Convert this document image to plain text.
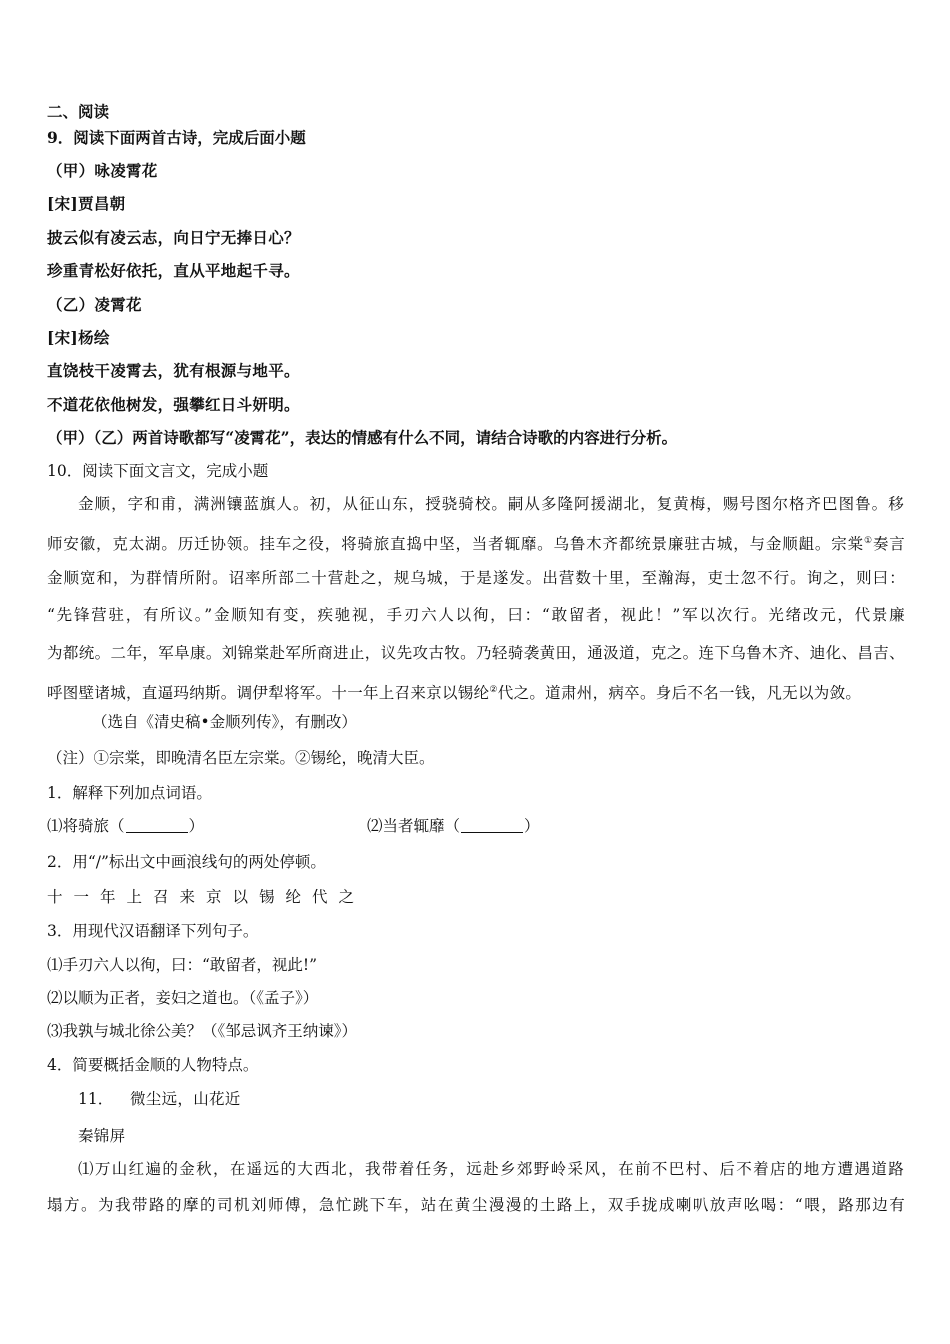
二、阅读
9．阅读下面两首古诗，完成后面小题
（甲）咏凌霄花
[宋]贾昌朝
披云似有凌云志，向日宁无捧日心？
珍重青松好依托，直从平地起千寻。
（乙）凌霄花
[宋]杨绘
直饶枝干凌霄去，犹有根源与地平。
不道花依他树发，强攀红日斗妍明。
（甲）（乙）两首诗歌都写“凌霄花”，表达的情感有什么不同，请结合诗歌的内容进行分析。
10．阅读下面文言文，完成小题
金顺，字和甫，满洲镶蓝旗人。初，从征山东，授骁骑校。嗣从多隆阿援湖北，复黄梅，赐号图尔格齐巴图鲁。移
师安徽，克太湖。历迁协领。挂车之役，将骑旅直捣中坚，当者辄靡。乌鲁木齐都统景廉驻古城，与金顺龃。宗棠①奏言
金顺宽和，为群情所附。诏率所部二十营赴之，规乌城，于是遂发。出营数十里，至瀚海，吏士忽不行。询之，则曰：
“先锋营驻，有所议。”金顺知有变，疾驰视，手刃六人以徇，曰：“敢留者，视此！”军以次行。光绪改元，代景廉
为都统。二年，军阜康。刘锦棠赴军所商进止，议先攻古牧。乃轻骑袭黄田，通汲道，克之。连下乌鲁木齐、迪化、昌吉、
呼图壁诸城，直逼玛纳斯。调伊犁将军。十一年上召来京以锡纶②代之。道肃州，病卒。身后不名一钱，凡无以为敛。
（选自《清史稿•金顺列传》，有删改）
（注）①宗棠，即晚清名臣左宗棠。②锡纶，晚清大臣。
1．解释下列加点词语。
⑴将骑旅（	）	⑵当者辄靡（	）
2．用“/”标出文中画浪线句的两处停顿。
十一年上召来京以锡纶代之
3．用现代汉语翻译下列句子。
⑴手刃六人以徇，曰：“敢留者，视此!”
⑵以顺为正者，妾妇之道也。（《孟子》）
⑶我孰与城北徐公美？（《邹忌讽齐王纳谏》）
4．简要概括金顺的人物特点。
11． 微尘远，山花近
秦锦屏
⑴万山红遍的金秋，在遥远的大西北，我带着任务，远赴乡郊野岭采风，在前不巴村、后不着店的地方遭遇道路
塌方。为我带路的摩的司机刘师傅，急忙跳下车，站在黄尘漫漫的土路上，双手拢成喇叭放声吆喝：“喂，路那边有
